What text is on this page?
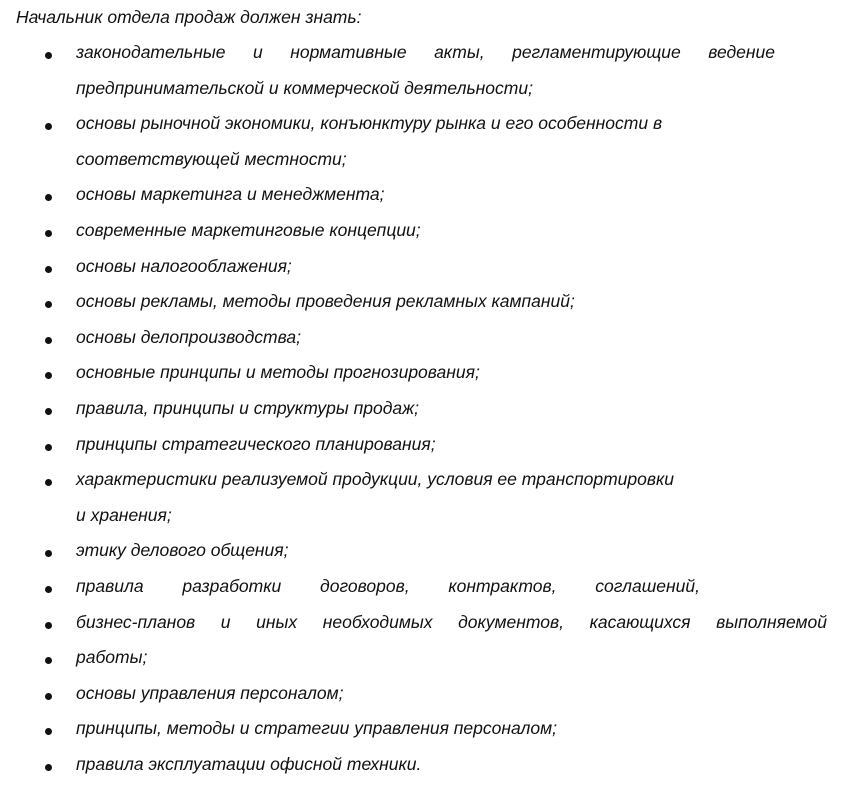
Начальник отдела продаж должен знать:
законодательные и нормативные акты, регламентирующие ведение
предпринимательской и коммерческой деятельности;
основы рыночной экономики, конъюнктуру рынка и его особенности в
соответствующей местности;
основы маркетинга и менеджмента;
современные маркетинговые концепции;
основы налогооблажения;
основы рекламы, методы проведения рекламных кампаний;
основы делопроизводства;
основные принципы и методы прогнозирования;
правила, принципы и структуры продаж;
принципы стратегического планирования;
характеристики реализуемой продукции, условия ее транспортировки
и хранения;
этику делового общения;
правила разработки договоров, контрактов, соглашений,
бизнес-планов и иных необходимых документов, касающихся выполняемой
работы;
основы управления персоналом;
принципы, методы и стратегии управления персоналом;
правила эксплуатации офисной техники.
